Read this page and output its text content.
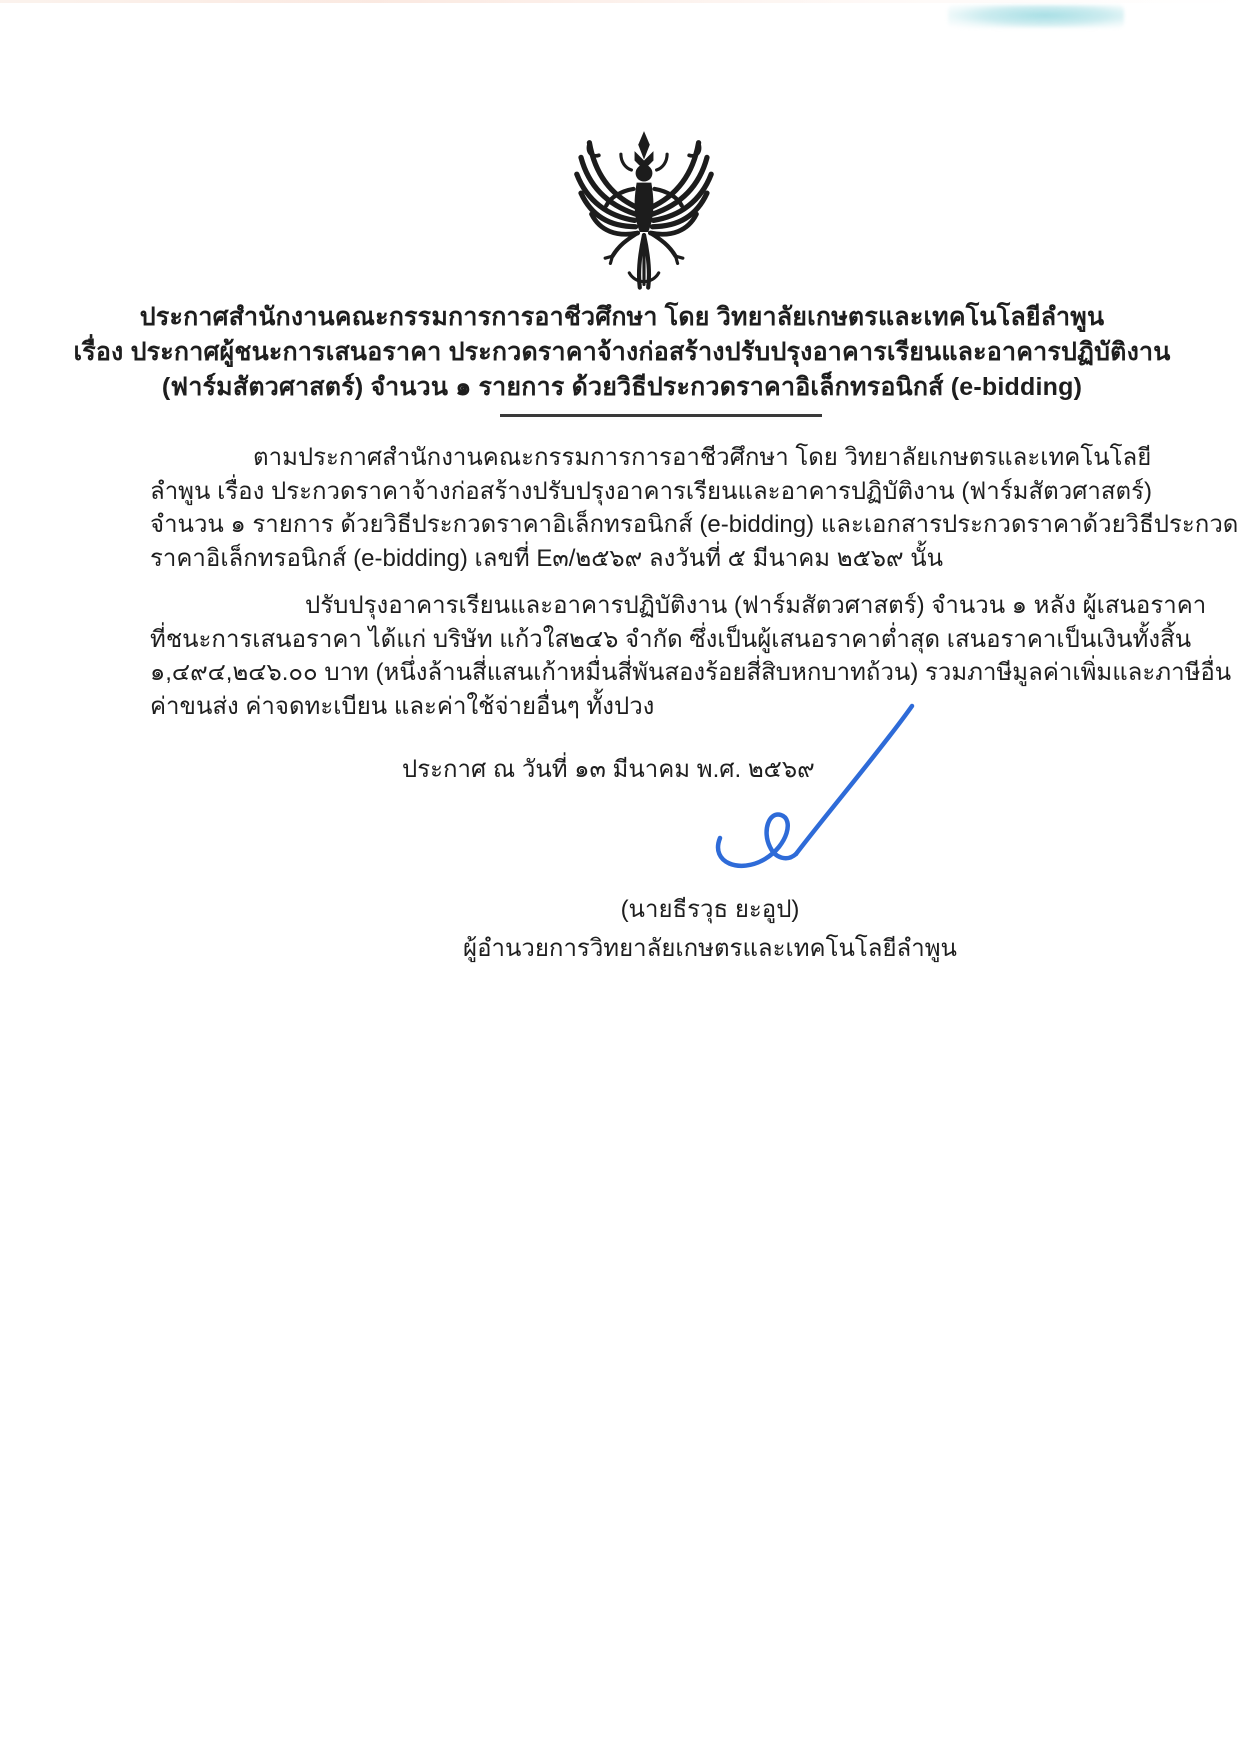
ประกาศสำนักงานคณะกรรมการการอาชีวศึกษา โดย วิทยาลัยเกษตรและเทคโนโลยีลำพูน
เรื่อง ประกาศผู้ชนะการเสนอราคา ประกวดราคาจ้างก่อสร้างปรับปรุงอาคารเรียนและอาคารปฏิบัติงาน
(ฟาร์มสัตวศาสตร์) จำนวน ๑ รายการ ด้วยวิธีประกวดราคาอิเล็กทรอนิกส์ (e-bidding)
ตามประกาศสำนักงานคณะกรรมการการอาชีวศึกษา โดย วิทยาลัยเกษตรและเทคโนโลยี
ลำพูน เรื่อง ประกวดราคาจ้างก่อสร้างปรับปรุงอาคารเรียนและอาคารปฏิบัติงาน (ฟาร์มสัตวศาสตร์)
จำนวน ๑ รายการ ด้วยวิธีประกวดราคาอิเล็กทรอนิกส์ (e-bidding) และเอกสารประกวดราคาด้วยวิธีประกวด
ราคาอิเล็กทรอนิกส์ (e-bidding) เลขที่ E๓/๒๕๖๙ ลงวันที่ ๕ มีนาคม ๒๕๖๙ นั้น
ปรับปรุงอาคารเรียนและอาคารปฏิบัติงาน (ฟาร์มสัตวศาสตร์) จำนวน ๑ หลัง ผู้เสนอราคา
ที่ชนะการเสนอราคา ได้แก่ บริษัท แก้วใส๒๔๖ จำกัด ซึ่งเป็นผู้เสนอราคาต่ำสุด เสนอราคาเป็นเงินทั้งสิ้น
๑,๔๙๔,๒๔๖.๐๐ บาท (หนึ่งล้านสี่แสนเก้าหมื่นสี่พันสองร้อยสี่สิบหกบาทถ้วน) รวมภาษีมูลค่าเพิ่มและภาษีอื่น
ค่าขนส่ง ค่าจดทะเบียน และค่าใช้จ่ายอื่นๆ ทั้งปวง
ประกาศ ณ วันที่ ๑๓ มีนาคม พ.ศ. ๒๕๖๙
(นายธีรวุธ ยะอูป)
ผู้อำนวยการวิทยาลัยเกษตรและเทคโนโลยีลำพูน
